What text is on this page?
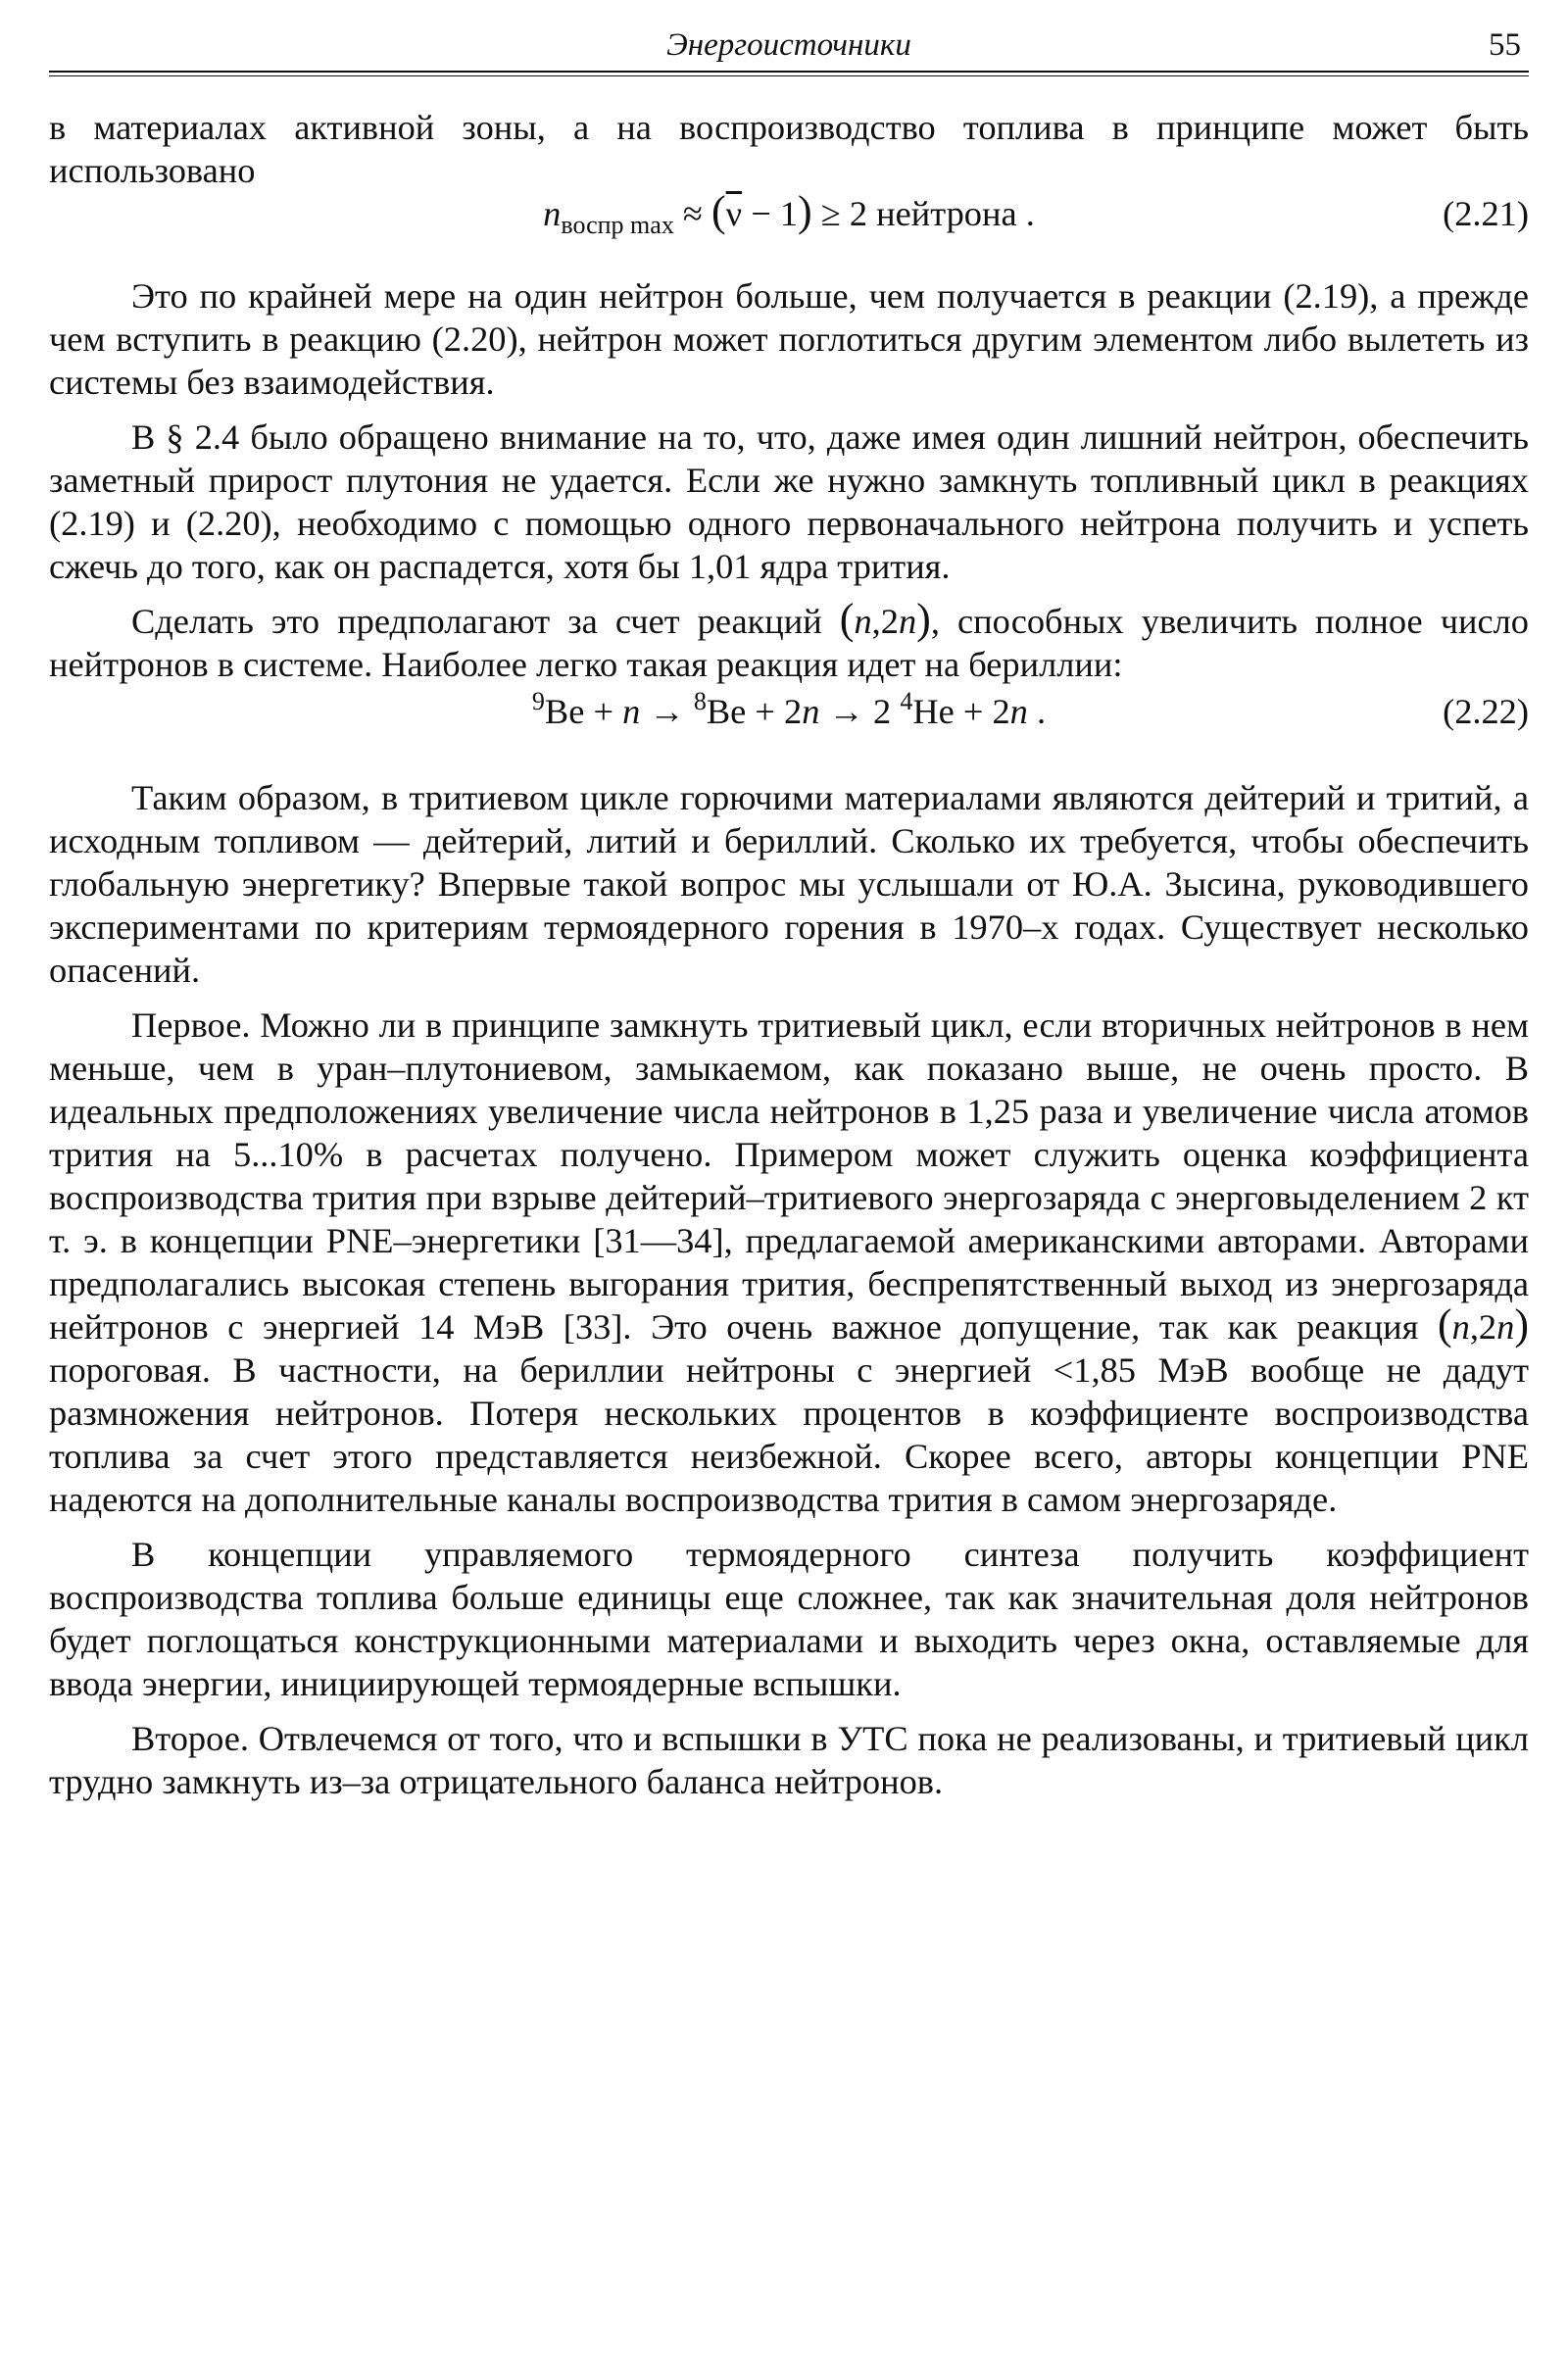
Энергоисточники	55

в материалах активной зоны, а на воспроизводство топлива в принципе может быть использовано

$n_{воспр max} \approx (\overline{\nu} - 1) \ge 2$ нейтрона .	(2.21)

Это по крайней мере на один нейтрон больше, чем получается в реакции (2.19), а прежде чем вступить в реакцию (2.20), нейтрон может поглотиться другим элементом либо вылететь из системы без взаимодействия.

В § 2.4 было обращено внимание на то, что, даже имея один лишний нейтрон, обеспечить заметный прирост плутония не удается. Если же нужно замкнуть топливный цикл в реакциях (2.19) и (2.20), необходимо с помощью одного первоначального нейтрона получить и успеть сжечь до того, как он распадется, хотя бы 1,01 ядра трития.

Сделать это предполагают за счет реакций (n,2n), способных увеличить полное число нейтронов в системе. Наиболее легко такая реакция идет на бериллии:

$^9$Be + n → $^8$Be + 2n → 2 $^4$He + 2n .	(2.22)

Таким образом, в тритиевом цикле горючими материалами являются дейтерий и тритий, а исходным топливом — дейтерий, литий и бериллий. Сколько их требуется, чтобы обеспечить глобальную энергетику? Впервые такой вопрос мы услышали от Ю.А. Зысина, руководившего экспериментами по критериям термоядерного горения в 1970–х годах. Существует несколько опасений.

Первое. Можно ли в принципе замкнуть тритиевый цикл, если вторичных нейтронов в нем меньше, чем в уран–плутониевом, замыкаемом, как показано выше, не очень просто. В идеальных предположениях увеличение числа нейтронов в 1,25 раза и увеличение числа атомов трития на 5...10% в расчетах получено. Примером может служить оценка коэффициента воспроизводства трития при взрыве дейтерий–тритиевого энергозаряда с энерговыделением 2 кт т. э. в концепции PNE–энергетики [31—34], предлагаемой американскими авторами. Авторами предполагались высокая степень выгорания трития, беспрепятственный выход из энергозаряда нейтронов с энергией 14 МэВ [33]. Это очень важное допущение, так как реакция (n,2n) пороговая. В частности, на бериллии нейтроны с энергией <1,85 МэВ вообще не дадут размножения нейтронов. Потеря нескольких процентов в коэффициенте воспроизводства топлива за счет этого представляется неизбежной. Скорее всего, авторы концепции PNE надеются на дополнительные каналы воспроизводства трития в самом энергозаряде.

В концепции управляемого термоядерного синтеза получить коэффициент воспроизводства топлива больше единицы еще сложнее, так как значительная доля нейтронов будет поглощаться конструкционными материалами и выходить через окна, оставляемые для ввода энергии, инициирующей термоядерные вспышки.

Второе. Отвлечемся от того, что и вспышки в УТС пока не реализованы, и тритиевый цикл трудно замкнуть из–за отрицательного баланса нейтронов.
